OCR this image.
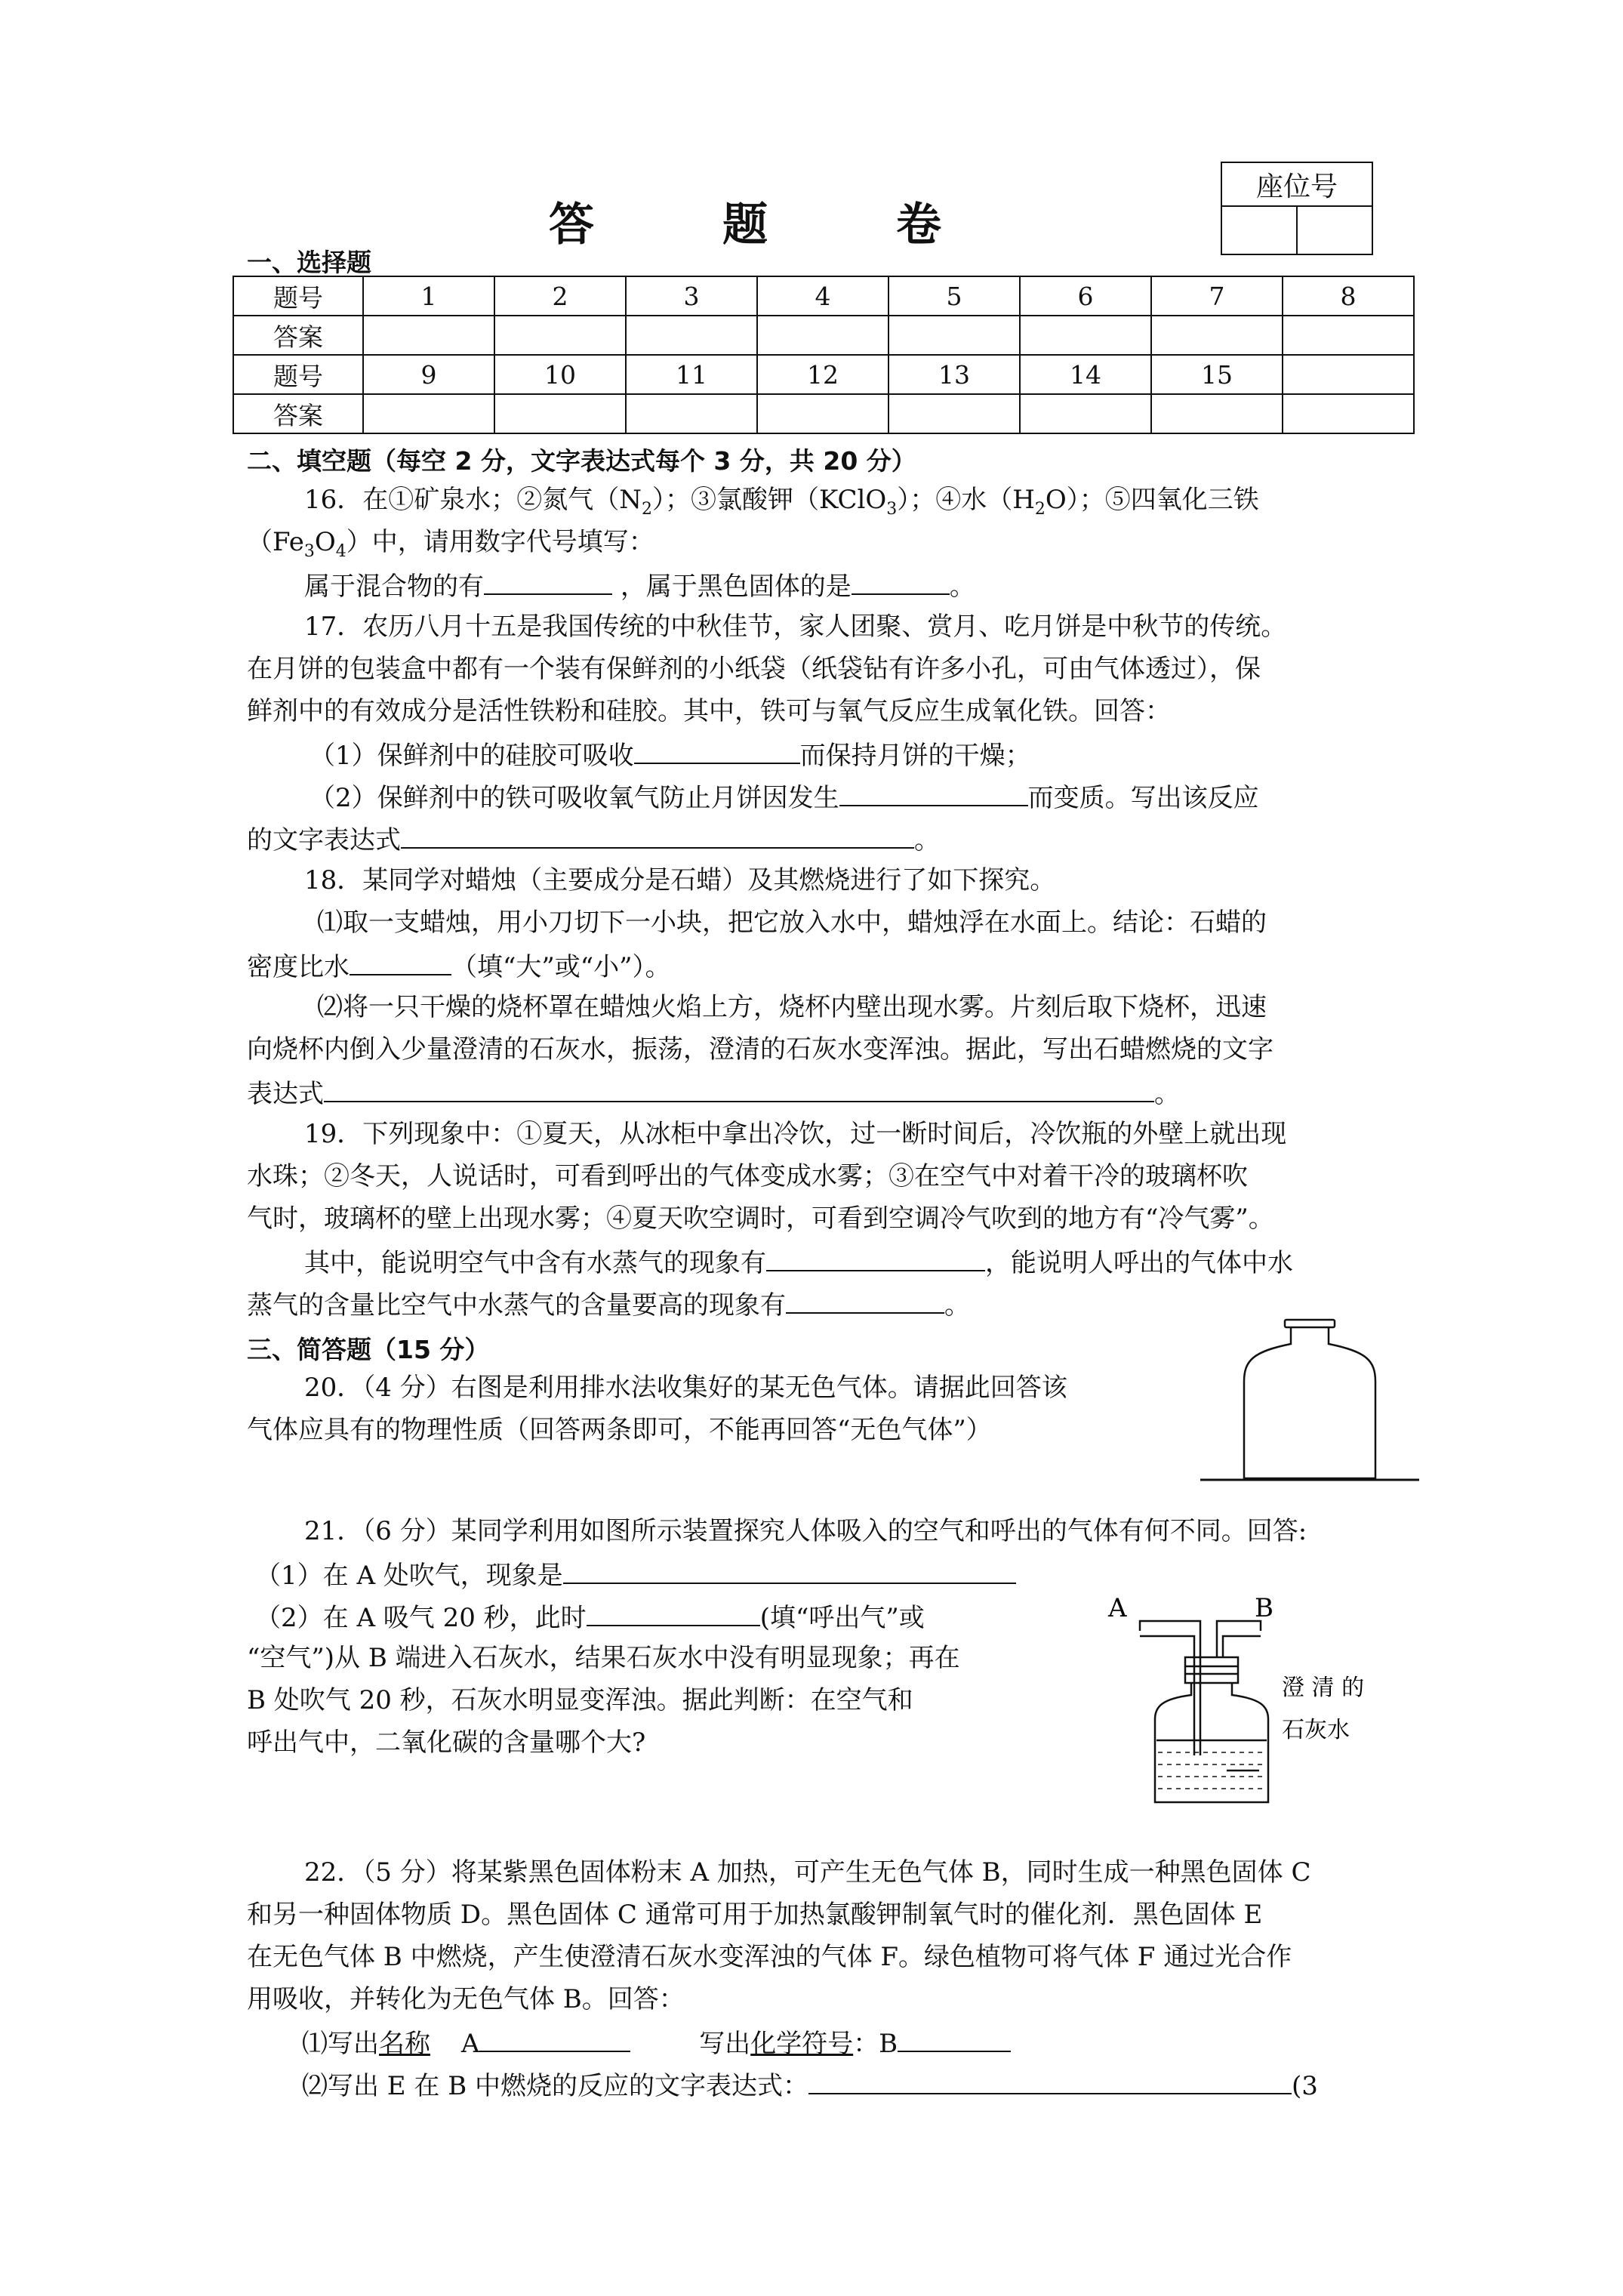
答	题	卷
座位号

一、选择题
题号	1	2	3	4	5	6	7	8
答案								
题号	9	10	11	12	13	14	15	
答案								
二、填空题（每空 2 分，文字表达式每个 3 分，共 20 分）
16．在①矿泉水；②氮气$(N_2)$；③氯酸钾（KClO$_3$）；④水$(H_2O)$；⑤四氧化三铁
$(Fe_3O_4)$中，请用数字代号填写：
属于混合物的有	，属于黑色固体的是	。
17．农历八月十五是我国传统的中秋佳节，家人团聚、赏月、吃月饼是中秋节的传统。
在月饼的包装盒中都有一个装有保鲜剂的小纸袋（纸袋钻有许多小孔，可由气体透过），保
鲜剂中的有效成分是活性铁粉和硅胶。其中，铁可与氧气反应生成氧化铁。回答：
（1）保鲜剂中的硅胶可吸收	而保持月饼的干燥；
（2）保鲜剂中的铁可吸收氧气防止月饼因发生	而变质。写出该反应
的文字表达式	。
18．某同学对蜡烛（主要成分是石蜡）及其燃烧进行了如下探究。
⑴取一支蜡烛，用小刀切下一小块，把它放入水中，蜡烛浮在水面上。结论：石蜡的
密度比水	（填“大”或“小”）。
⑵将一只干燥的烧杯罩在蜡烛火焰上方，烧杯内壁出现水雾。片刻后取下烧杯，迅速
向烧杯内倒入少量澄清的石灰水，振荡，澄清的石灰水变浑浊。据此，写出石蜡燃烧的文字
表达式	。
19．下列现象中：①夏天，从冰柜中拿出冷饮，过一断时间后，冷饮瓶的外壁上就出现
水珠；②冬天，人说话时，可看到呼出的气体变成水雾；③在空气中对着干冷的玻璃杯吹
气时，玻璃杯的壁上出现水雾；④夏天吹空调时，可看到空调冷气吹到的地方有“冷气雾”。
其中，能说明空气中含有水蒸气的现象有	，能说明人呼出的气体中水
蒸气的含量比空气中水蒸气的含量要高的现象有	。
三、简答题（15 分）
20．（4 分）右图是利用排水法收集好的某无色气体。请据此回答该
气体应具有的物理性质（回答两条即可，不能再回答“无色气体”）
21．（6 分）某同学利用如图所示装置探究人体吸入的空气和呼出的气体有何不同。回答:
（1）在 A 处吹气，现象是
（2）在 A 吸气 20 秒，此时	(填“呼出气”或
“空气”)从 B 端进入石灰水，结果石灰水中没有明显现象；再在
B 处吹气 20 秒，石灰水明显变浑浊。据此判断：在空气和
呼出气中，二氧化碳的含量哪个大?
A	B
澄 清 的
石灰水
22．（5 分）将某紫黑色固体粉末 A 加热，可产生无色气体 B，同时生成一种黑色固体 C
和另一种固体物质 D。黑色固体 C 通常可用于加热氯酸钾制氧气时的催化剂．黑色固体 E
在无色气体 B 中燃烧，产生使澄清石灰水变浑浊的气体 F。绿色植物可将气体 F 通过光合作
用吸收，并转化为无色气体 B。回答：
⑴写出名称 A	写出化学符号：B
⑵写出 E 在 B 中燃烧的反应的文字表达式：	(3
